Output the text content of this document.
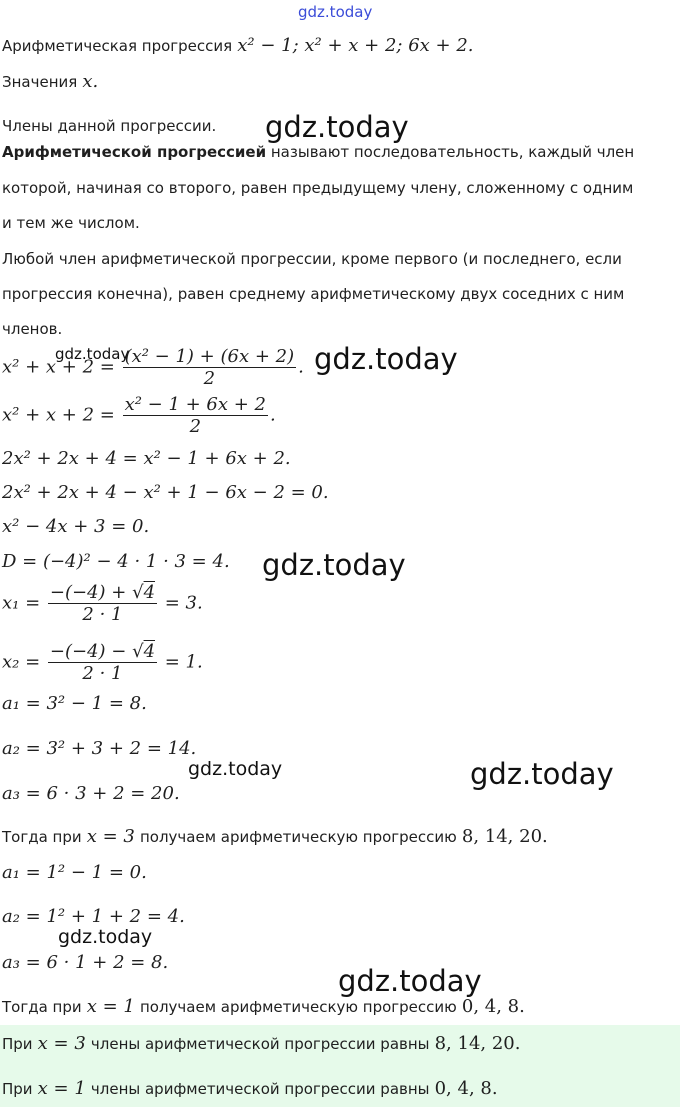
gdz.today
gdz.today
gdz.today	gdz.today
gdz.today
gdz.today	gdz.today
gdz.today
gdz.today
Арифметическая прогрессия x² − 1; x² + x + 2; 6x + 2.
Значения x.
Члены данной прогрессии.
Арифметической прогрессией называют последовательность, каждый член
которой, начиная со второго, равен предыдущему члену, сложенному с одним
и тем же числом.
Любой член арифметической прогрессии, кроме первого (и последнего, если
прогрессия конечна), равен среднему арифметическому двух соседних с ним
членов.
$x^2 + x + 2 = \frac{\text{(x² − 1) + (6x + 2)}}{2}$ .
$x^2 + x + 2 = \frac{\text{x² − 1 + 6x + 2}}{2}$ .
2x² + 2x + 4 = x² − 1 + 6x + 2.
2x² + 2x + 4 − x² + 1 − 6x − 2 = 0.
x² − 4x + 3 = 0.
D = (−4)² − 4 · 1 · 3 = 4.
$x_1 = \frac{-(-4) + √4}{2 \cdot 1} = 3$.
$x_2 = \frac{-(-4) - √4}{2 \cdot 1} = 1$.
a₁ = 3² − 1 = 8.
a₂ = 3² + 3 + 2 = 14.
a₃ = 6 · 3 + 2 = 20.
Тогда при x = 3 получаем арифметическую прогрессию 8, 14, 20.
a₁ = 1² − 1 = 0.
a₂ = 1² + 1 + 2 = 4.
a₃ = 6 · 1 + 2 = 8.
Тогда при x = 1 получаем арифметическую прогрессию 0, 4, 8.
При x = 3 члены арифметической прогрессии равны 8, 14, 20.
При x = 1 члены арифметической прогрессии равны 0, 4, 8.
